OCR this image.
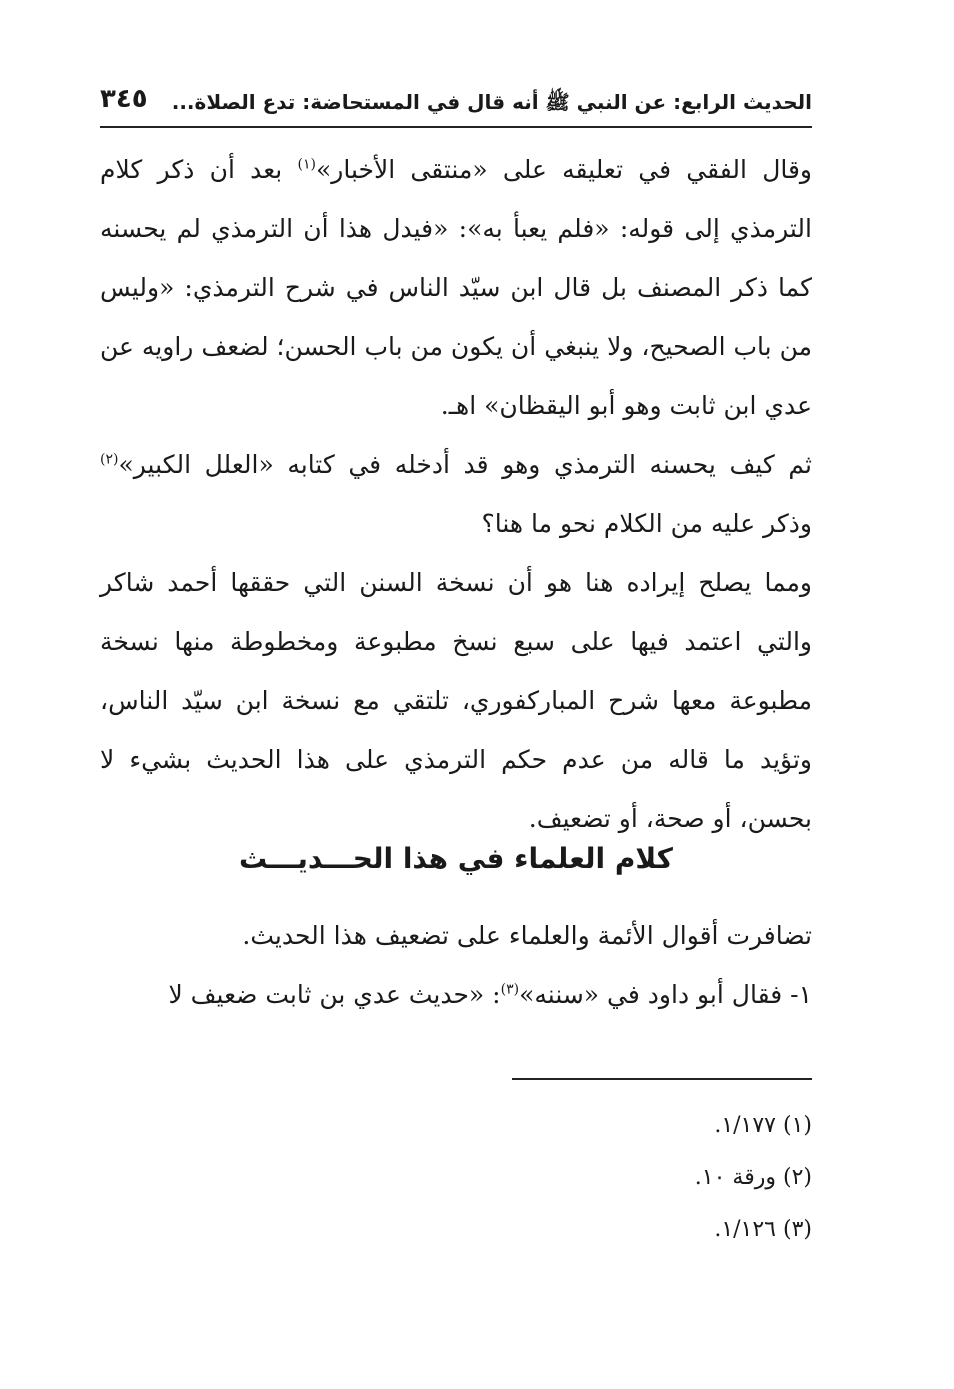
الحديث الرابع: عن النبي ﷺ أنه قال في المستحاضة: تدع الصلاة...
٣٤٥

وقال الفقي في تعليقه على «منتقى الأخبار»$^{(١)}$ بعد أن ذكر كلام الترمذي إلى قوله: «فلم يعبأ به»: «فيدل هذا أن الترمذي لم يحسنه كما ذكر المصنف بل قال ابن سيّد الناس في شرح الترمذي: «وليس من باب الصحيح، ولا ينبغي أن يكون من باب الحسن؛ لضعف راويه عن عدي ابن ثابت وهو أبو اليقظان» اهـ.

ثم كيف يحسنه الترمذي وهو قد أدخله في كتابه «العلل الكبير»$^{(٢)}$ وذكر عليه من الكلام نحو ما هنا؟

ومما يصلح إيراده هنا هو أن نسخة السنن التي حققها أحمد شاكر والتي اعتمد فيها على سبع نسخ مطبوعة ومخطوطة منها نسخة مطبوعة معها شرح المباركفوري، تلتقي مع نسخة ابن سيّد الناس، وتؤيد ما قاله من عدم حكم الترمذي على هذا الحديث بشيء لا بحسن، أو صحة، أو تضعيف.

كلام العلماء في هذا الحـــديـــث

تضافرت أقوال الأئمة والعلماء على تضعيف هذا الحديث.

١- فقال أبو داود في «سننه»$^{(٣)}$: «حديث عدي بن ثابت ضعيف لا

(١) ١/١٧٧.
(٢) ورقة ١٠.
(٣) ١/١٢٦.
